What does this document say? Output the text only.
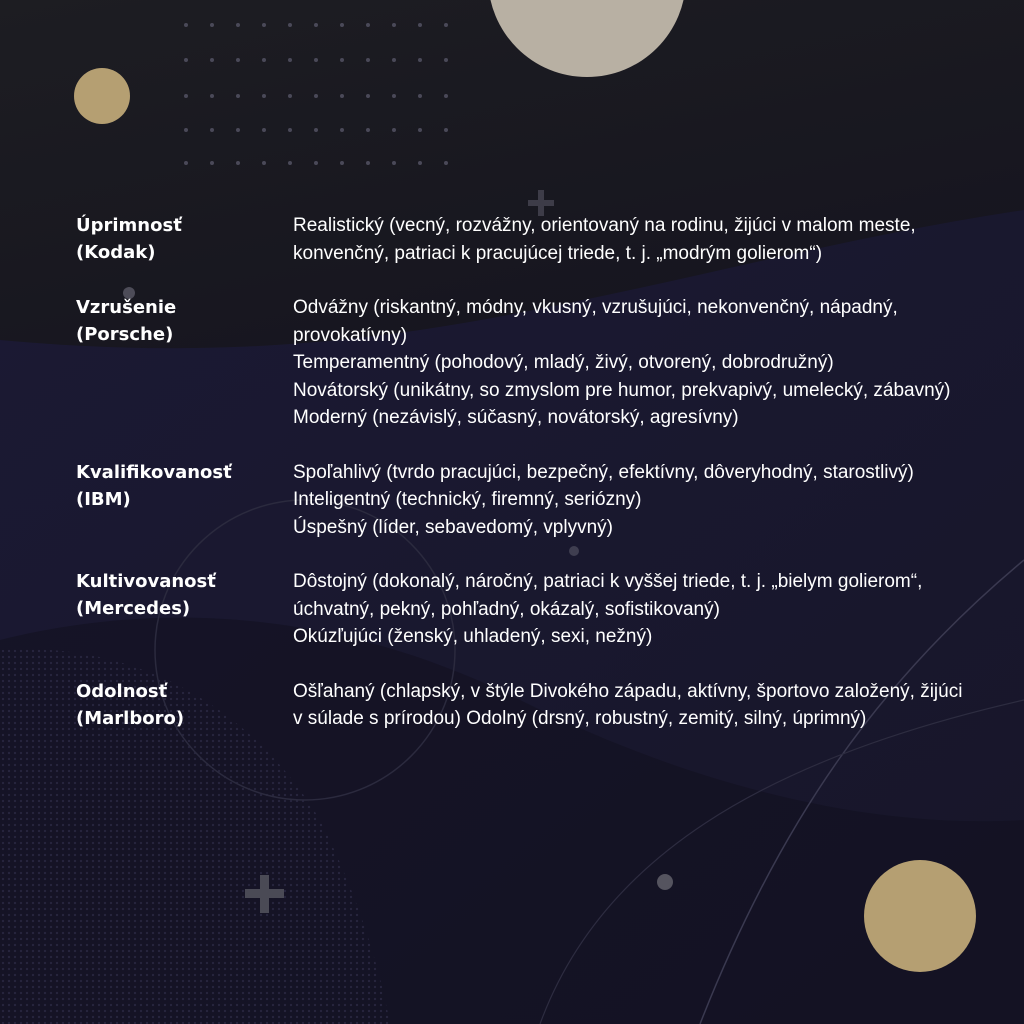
Úprimnosť
(Kodak)
Realistický (vecný, rozvážny, orientovaný na rodinu, žijúci v malom meste, konvenčný, patriaci k pracujúcej triede, t. j. „modrým golierom“)
Vzrušenie
(Porsche)
Odvážny (riskantný, módny, vkusný, vzrušujúci, nekonvenčný, nápadný, provokatívny)
Temperamentný (pohodový, mladý, živý, otvorený, dobrodružný)
Novátorský (unikátny, so zmyslom pre humor, prekvapivý, umelecký, zábavný)
Moderný (nezávislý, súčasný, novátorský, agresívny)
Kvalifikovanosť
(IBM)
Spoľahlivý (tvrdo pracujúci, bezpečný, efektívny, dôveryhodný, starostlivý)
Inteligentný (technický, firemný, seriózny)
Úspešný (líder, sebavedomý, vplyvný)
Kultivovanosť
(Mercedes)
Dôstojný (dokonalý, náročný, patriaci k vyššej triede, t. j. „bielym golierom“, úchvatný, pekný, pohľadný, okázalý, sofistikovaný)
Okúzľujúci (ženský, uhladený, sexi, nežný)
Odolnosť
(Marlboro)
Ošľahaný (chlapský, v štýle Divokého západu, aktívny, športovo založený, žijúci v súlade s prírodou) Odolný (drsný, robustný, zemitý, silný, úprimný)
